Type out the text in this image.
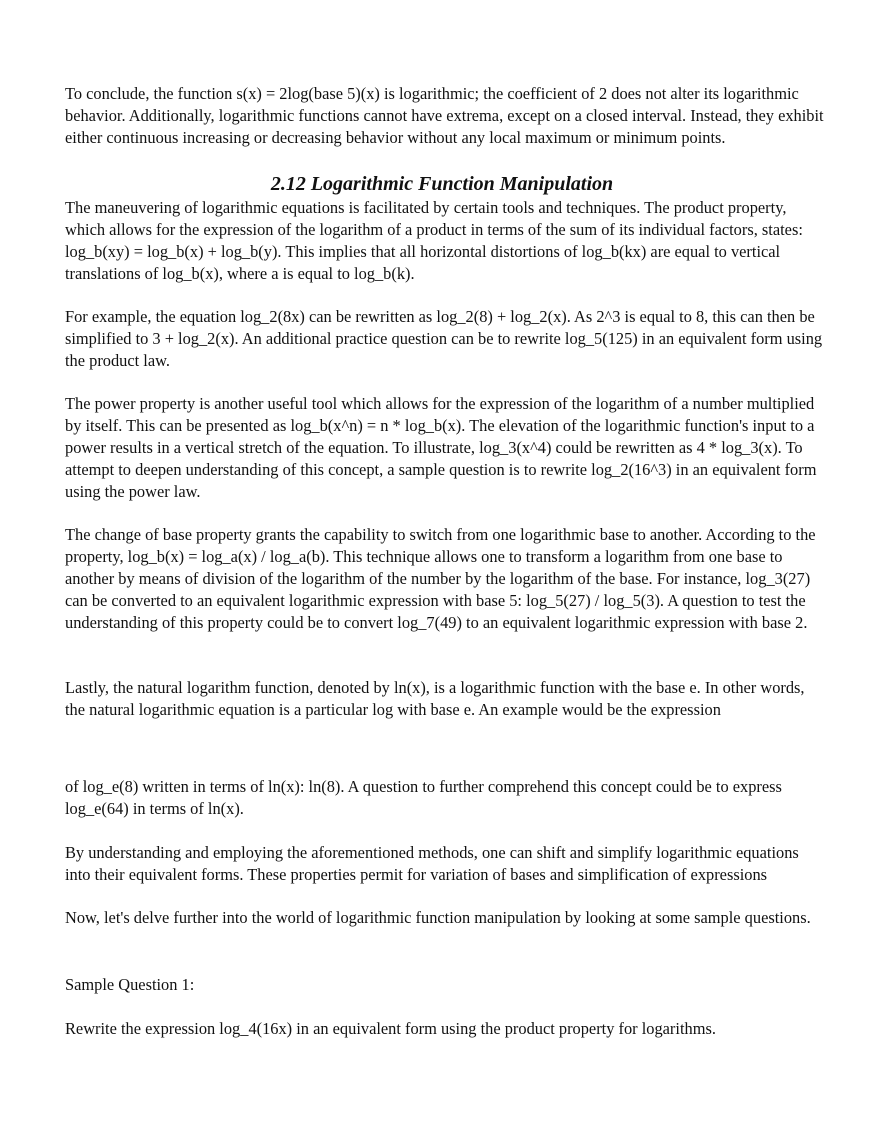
To conclude, the function s(x) = 2log(base 5)(x) is logarithmic; the coefficient of 2 does not alter its logarithmic behavior. Additionally, logarithmic functions cannot have extrema, except on a closed interval. Instead, they exhibit either continuous increasing or decreasing behavior without any local maximum or minimum points.

2.12 Logarithmic Function Manipulation

The maneuvering of logarithmic equations is facilitated by certain tools and techniques. The product property, which allows for the expression of the logarithm of a product in terms of the sum of its individual factors, states: log_b(xy) = log_b(x) + log_b(y). This implies that all horizontal distortions of log_b(kx) are equal to vertical translations of log_b(x), where a is equal to log_b(k).

For example, the equation log_2(8x) can be rewritten as log_2(8) + log_2(x). As 2^3 is equal to 8, this can then be simplified to 3 + log_2(x). An additional practice question can be to rewrite log_5(125) in an equivalent form using the product law.

The power property is another useful tool which allows for the expression of the logarithm of a number multiplied by itself. This can be presented as log_b(x^n) = n * log_b(x). The elevation of the logarithmic function's input to a power results in a vertical stretch of the equation. To illustrate, log_3(x^4) could be rewritten as 4 * log_3(x). To attempt to deepen understanding of this concept, a sample question is to rewrite log_2(16^3) in an equivalent form using the power law.

The change of base property grants the capability to switch from one logarithmic base to another. According to the property, log_b(x) = log_a(x) / log_a(b). This technique allows one to transform a logarithm from one base to another by means of division of the logarithm of the number by the logarithm of the base. For instance, log_3(27) can be converted to an equivalent logarithmic expression with base 5: log_5(27) / log_5(3). A question to test the understanding of this property could be to convert log_7(49) to an equivalent logarithmic expression with base 2.

Lastly, the natural logarithm function, denoted by ln(x), is a logarithmic function with the base e. In other words, the natural logarithmic equation is a particular log with base e. An example would be the expression

of log_e(8) written in terms of ln(x): ln(8). A question to further comprehend this concept could be to express log_e(64) in terms of ln(x).

By understanding and employing the aforementioned methods, one can shift and simplify logarithmic equations into their equivalent forms. These properties permit for variation of bases and simplification of expressions

Now, let's delve further into the world of logarithmic function manipulation by looking at some sample questions.

Sample Question 1:

Rewrite the expression log_4(16x) in an equivalent form using the product property for logarithms.
